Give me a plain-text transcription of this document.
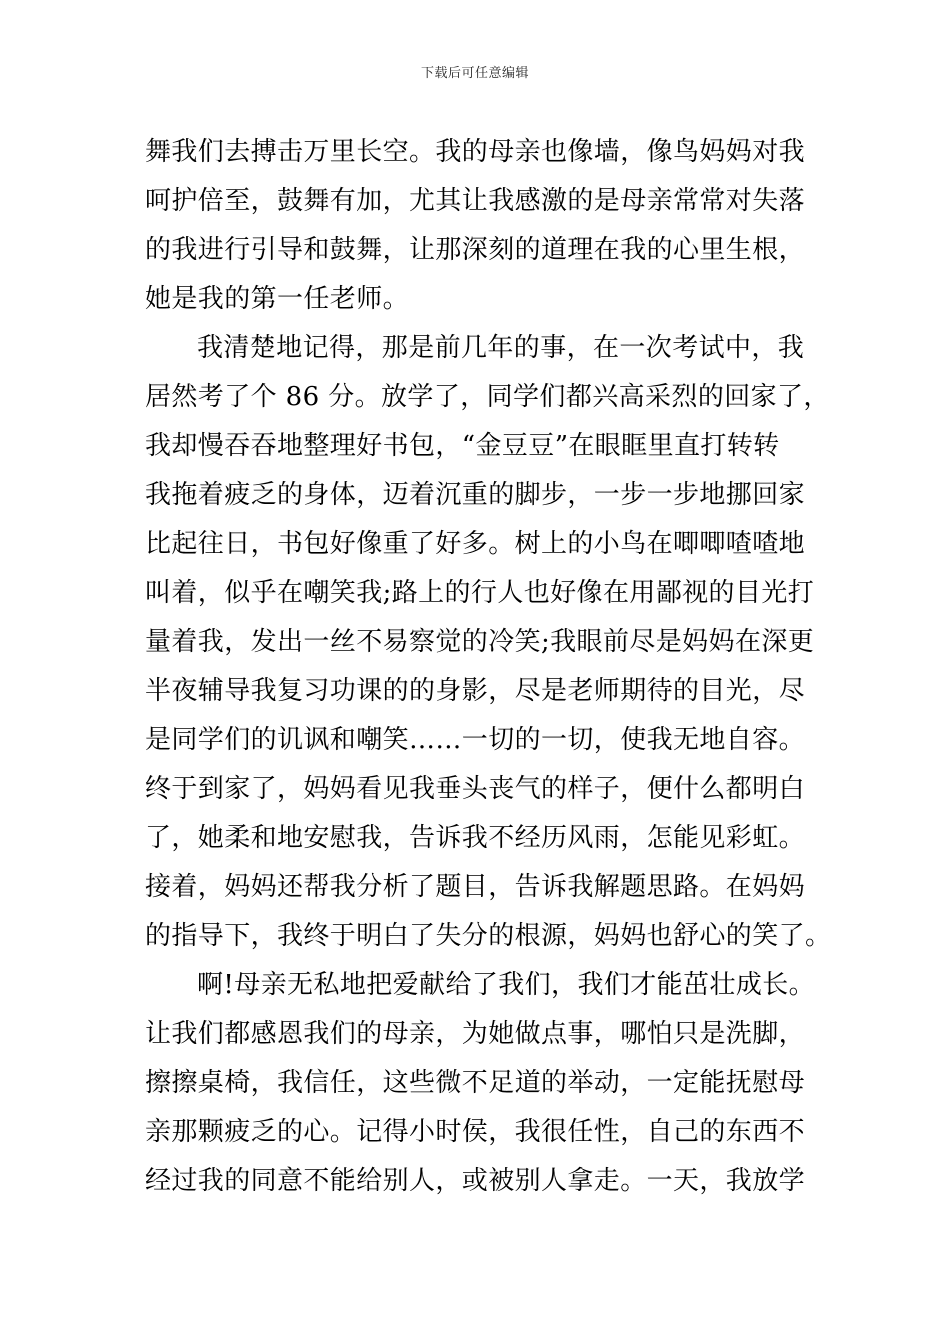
下载后可任意编辑
舞我们去搏击万里长空。我的母亲也像墙，像鸟妈妈对我
呵护倍至，鼓舞有加，尤其让我感激的是母亲常常对失落
的我进行引导和鼓舞，让那深刻的道理在我的心里生根，
她是我的第一任老师。
我清楚地记得，那是前几年的事，在一次考试中，我
居然考了个 86 分。放学了，同学们都兴高采烈的回家了，
我却慢吞吞地整理好书包，“金豆豆”在眼眶里直打转转
我拖着疲乏的身体，迈着沉重的脚步，一步一步地挪回家
比起往日，书包好像重了好多。树上的小鸟在唧唧喳喳地
叫着，似乎在嘲笑我;路上的行人也好像在用鄙视的目光打
量着我，发出一丝不易察觉的冷笑;我眼前尽是妈妈在深更
半夜辅导我复习功课的的身影，尽是老师期待的目光，尽
是同学们的讥讽和嘲笑……一切的一切，使我无地自容。
终于到家了，妈妈看见我垂头丧气的样子，便什么都明白
了，她柔和地安慰我，告诉我不经历风雨，怎能见彩虹。
接着，妈妈还帮我分析了题目，告诉我解题思路。在妈妈
的指导下，我终于明白了失分的根源，妈妈也舒心的笑了。
啊!母亲无私地把爱献给了我们，我们才能茁壮成长。
让我们都感恩我们的母亲，为她做点事，哪怕只是洗脚，
擦擦桌椅，我信任，这些微不足道的举动，一定能抚慰母
亲那颗疲乏的心。记得小时侯，我很任性，自己的东西不
经过我的同意不能给别人，或被别人拿走。一天，我放学
